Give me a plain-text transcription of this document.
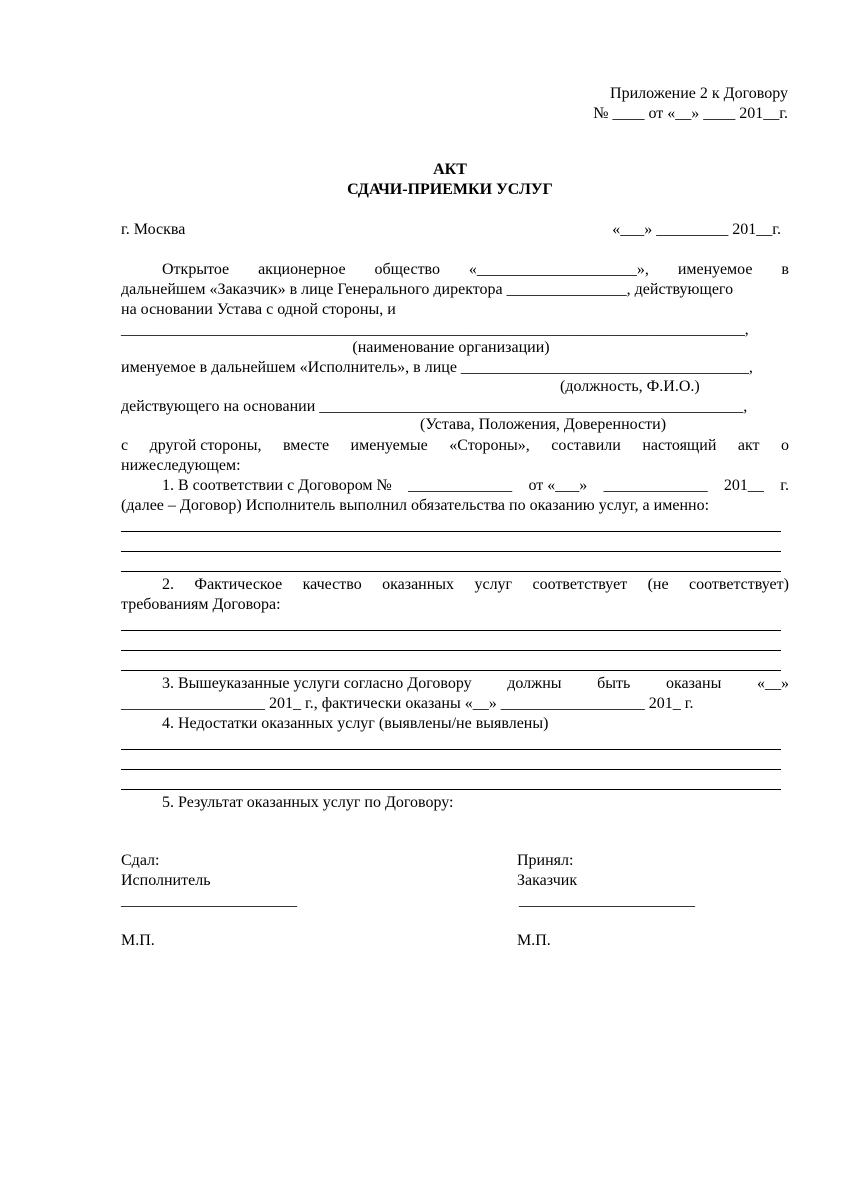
Приложение 2 к Договору
№ ____ от «__» ____ 201__г.
АКТ
СДАЧИ-ПРИЕМКИ УСЛУГ
г. Москва	«___» _________ 201__г.
Открытое акционерное общество «____________________», именуемое в
дальнейшем «Заказчик» в лице Генерального директора _______________, действующего
на основании Устава с одной стороны, и
________________________________________________________________________________,
(наименование организации)
именуемое в дальнейшем «Исполнитель», в лице ____________________________________,
(должность, Ф.И.О.)
действующего на основании _____________________________________________________,
(Устава, Положения, Доверенности)
с другой стороны, вместе именуемые «Стороны», составили настоящий акт о
нижеследующем:
1. В соответствии с Договором № _____________ от «___» _____________ 201__ г.
(далее – Договор) Исполнитель выполнил обязательства по оказанию услуг, а именно:
2. Фактическое качество оказанных услуг соответствует (не соответствует)
требованиям Договора:
3. Вышеуказанные услуги согласно Договору должны быть оказаны «__»
__________________ 201_ г., фактически оказаны «__» __________________ 201_ г.
4. Недостатки оказанных услуг (выявлены/не выявлены)
5. Результат оказанных услуг по Договору:
Сдал:
Исполнитель
______________________
М.П.
Принял:
Заказчик
______________________
М.П.
